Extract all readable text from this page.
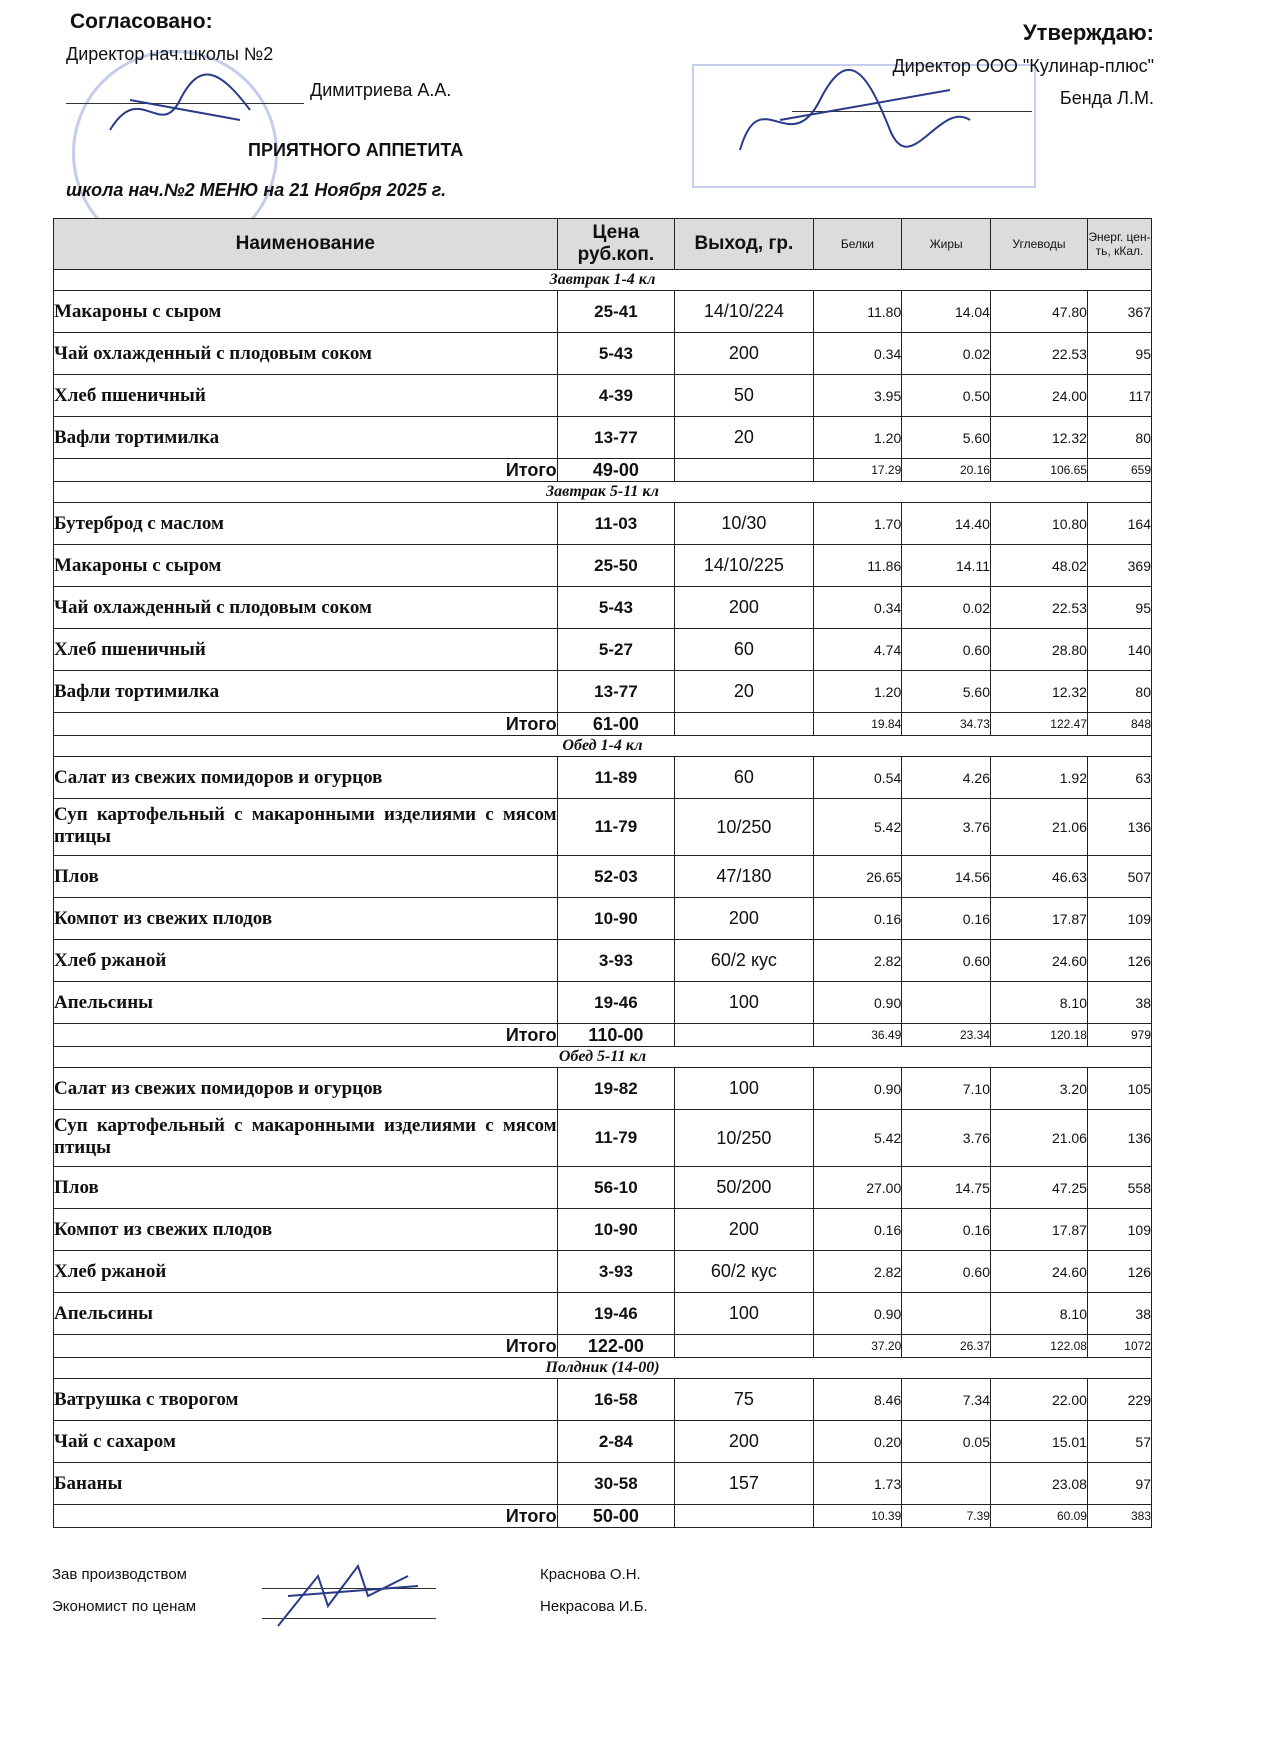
Согласовано:
Директор нач.школы №2
Димитриева А.А.
Утверждаю:
Директор ООО "Кулинар-плюс"
Бенда Л.М.
ПРИЯТНОГО АППЕТИТА
школа нач.№2 МЕНЮ на 21 Ноября 2025 г.
Наименование	Цена руб.коп.	Выход, гр.	Белки	Жиры	Углеводы	Энерг. цен-ть, кКал.
Завтрак 1-4 кл						
Макароны с сыром	25-41	14/10/224	11.80	14.04	47.80	367
Чай охлажденный с плодовым соком	5-43	200	0.34	0.02	22.53	95
Хлеб пшеничный	4-39	50	3.95	0.50	24.00	117
Вафли тортимилка	13-77	20	1.20	5.60	12.32	80
Итого	49-00		17.29	20.16	106.65	659
Завтрак 5-11 кл						
Бутерброд с маслом	11-03	10/30	1.70	14.40	10.80	164
Макароны с сыром	25-50	14/10/225	11.86	14.11	48.02	369
Чай охлажденный с плодовым соком	5-43	200	0.34	0.02	22.53	95
Хлеб пшеничный	5-27	60	4.74	0.60	28.80	140
Вафли тортимилка	13-77	20	1.20	5.60	12.32	80
Итого	61-00		19.84	34.73	122.47	848
Обед 1-4 кл						
Салат из свежих помидоров и огурцов	11-89	60	0.54	4.26	1.92	63
Суп картофельный с макаронными изделиями с мясом птицы	11-79	10/250	5.42	3.76	21.06	136
Плов	52-03	47/180	26.65	14.56	46.63	507
Компот из свежих плодов	10-90	200	0.16	0.16	17.87	109
Хлеб ржаной	3-93	60/2 кус	2.82	0.60	24.60	126
Апельсины	19-46	100	0.90		8.10	38
Итого	110-00		36.49	23.34	120.18	979
Обед 5-11 кл						
Салат из свежих помидоров и огурцов	19-82	100	0.90	7.10	3.20	105
Суп картофельный с макаронными изделиями с мясом птицы	11-79	10/250	5.42	3.76	21.06	136
Плов	56-10	50/200	27.00	14.75	47.25	558
Компот из свежих плодов	10-90	200	0.16	0.16	17.87	109
Хлеб ржаной	3-93	60/2 кус	2.82	0.60	24.60	126
Апельсины	19-46	100	0.90		8.10	38
Итого	122-00		37.20	26.37	122.08	1072
Полдник (14-00)						
Ватрушка с творогом	16-58	75	8.46	7.34	22.00	229
Чай с сахаром	2-84	200	0.20	0.05	15.01	57
Бананы	30-58	157	1.73		23.08	97
Итого	50-00		10.39	7.39	60.09	383
Зав производством	Краснова О.Н.
Экономист по ценам	Некрасова И.Б.
